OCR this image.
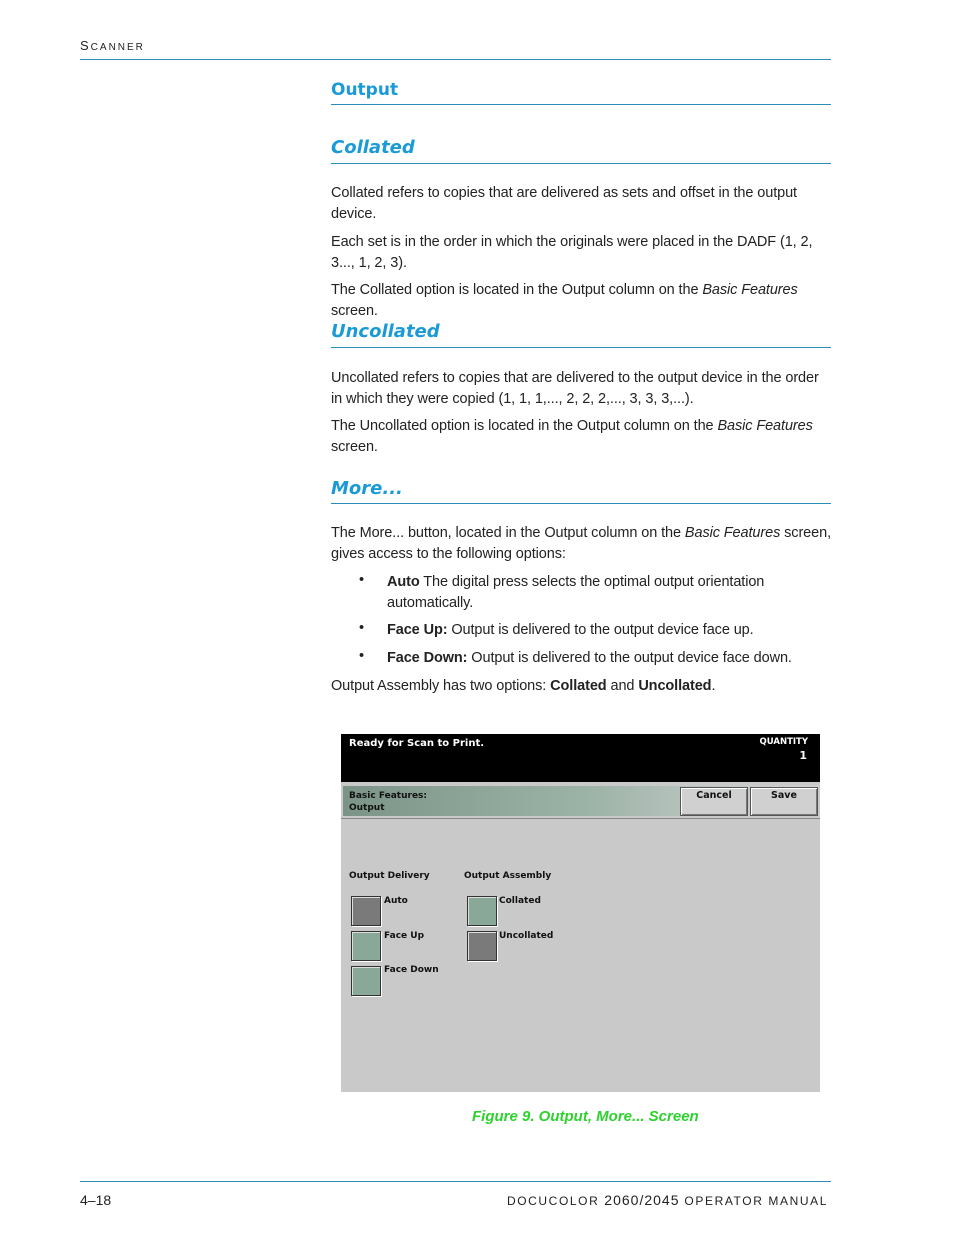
SCANNER
Output
Collated
Collated refers to copies that are delivered as sets and offset in the output device.
Each set is in the order in which the originals were placed in the DADF (1, 2, 3..., 1, 2, 3).
The Collated option is located in the Output column on the Basic Features screen.
Uncollated
Uncollated refers to copies that are delivered to the output device in the order in which they were copied (1, 1, 1,..., 2, 2, 2,..., 3, 3, 3,...).
The Uncollated option is located in the Output column on the Basic Features screen.
More...
The More... button, located in the Output column on the Basic Features screen, gives access to the following options:
• Auto The digital press selects the optimal output orientation automatically.
• Face Up: Output is delivered to the output device face up.
• Face Down: Output is delivered to the output device face down.
Output Assembly has two options: Collated and Uncollated.
Ready for Scan to Print.	QUANTITY
1
Basic Features:
Output
Cancel	Save
Output Delivery	Output Assembly
Auto
Face Up
Face Down
Collated
Uncollated
Figure 9. Output, More... Screen
4–18	DOCUCOLOR 2060/2045 OPERATOR MANUAL
